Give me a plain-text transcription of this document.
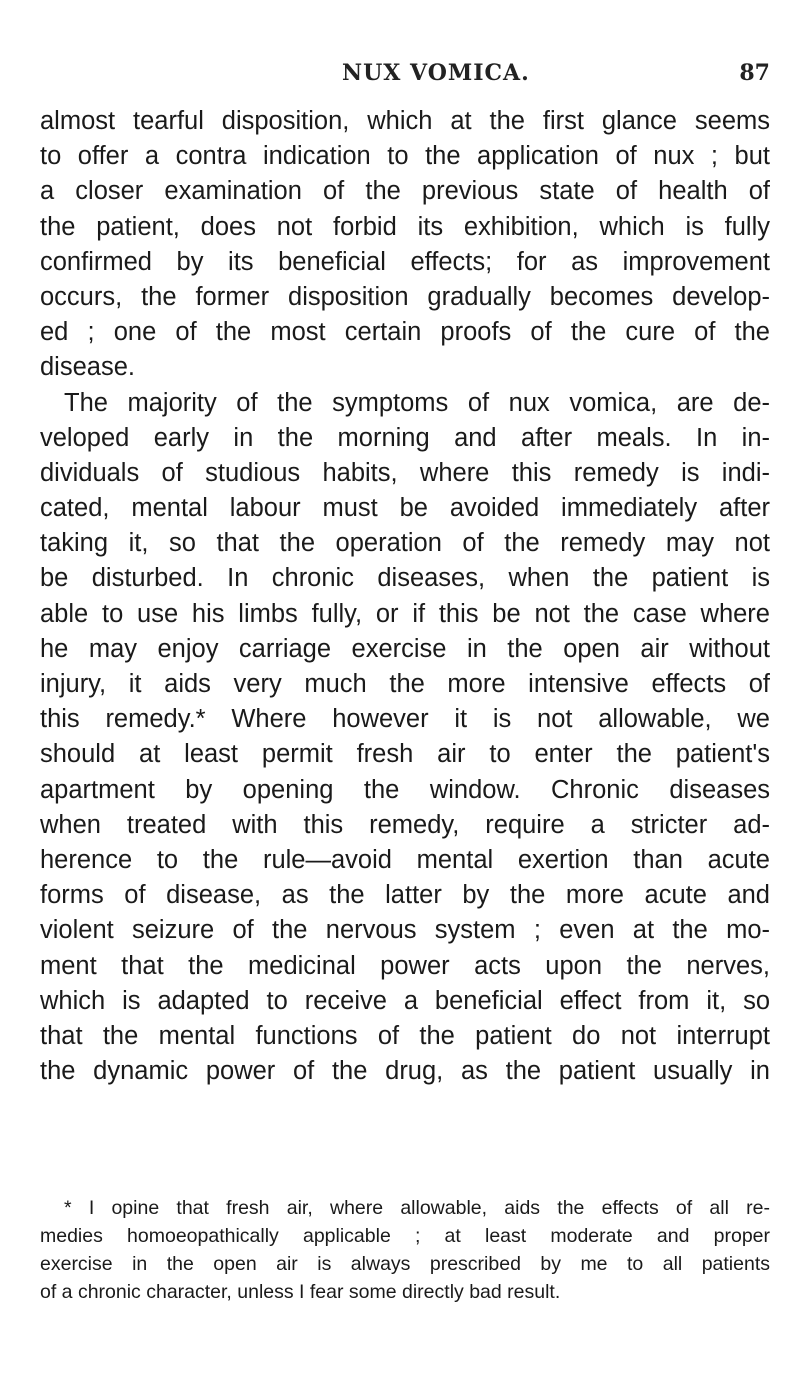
NUX VOMICA.	87
almost tearful disposition, which at the first glance seems
to offer a contra indication to the application of nux ; but
a closer examination of the previous state of health of
the patient, does not forbid its exhibition, which is fully
confirmed by its beneficial effects; for as improvement
occurs, the former disposition gradually becomes develop-
ed ; one of the most certain proofs of the cure of the
disease.
The majority of the symptoms of nux vomica, are de-
veloped early in the morning and after meals. In in-
dividuals of studious habits, where this remedy is indi-
cated, mental labour must be avoided immediately after
taking it, so that the operation of the remedy may not
be disturbed. In chronic diseases, when the patient is
able to use his limbs fully, or if this be not the case where
he may enjoy carriage exercise in the open air without
injury, it aids very much the more intensive effects of
this remedy.* Where however it is not allowable, we
should at least permit fresh air to enter the patient's
apartment by opening the window. Chronic diseases
when treated with this remedy, require a stricter ad-
herence to the rule—avoid mental exertion than acute
forms of disease, as the latter by the more acute and
violent seizure of the nervous system ; even at the mo-
ment that the medicinal power acts upon the nerves,
which is adapted to receive a beneficial effect from it, so
that the mental functions of the patient do not interrupt
the dynamic power of the drug, as the patient usually in
* I opine that fresh air, where allowable, aids the effects of all re-
medies homoeopathically applicable ; at least moderate and proper
exercise in the open air is always prescribed by me to all patients
of a chronic character, unless I fear some directly bad result.
